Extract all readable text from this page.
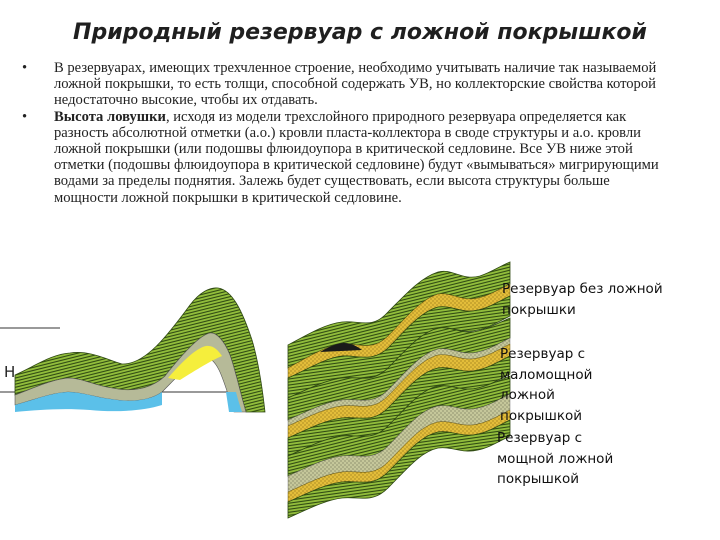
Природный резервуар с ложной покрышкой
• В резервуарах, имеющих трехчленное строение, необходимо учитывать наличие так называемой ложной покрышки, то есть толщи, способной содержать УВ, но коллекторские свойства которой недостаточно высокие, чтобы их отдавать.
• Высота ловушки, исходя из модели трехслойного природного резервуара определяется как разность абсолютной отметки (а.о.) кровли пласта-коллектора в своде структуры и а.о. кровли ложной покрышки (или подошвы флюидоупора в критической седловине. Все УВ ниже этой отметки (подошвы флюидоупора в критической седловине) будут «вымываться» мигрирующими водами за пределы поднятия. Залежь будет существовать, если высота структуры больше мощности ложной покрышки в критической седловине.
H
Резервуар без ложной
покрышки
Резервуар с
маломощной
ложной
покрышкой
Резервуар с
мощной ложной
покрышкой
